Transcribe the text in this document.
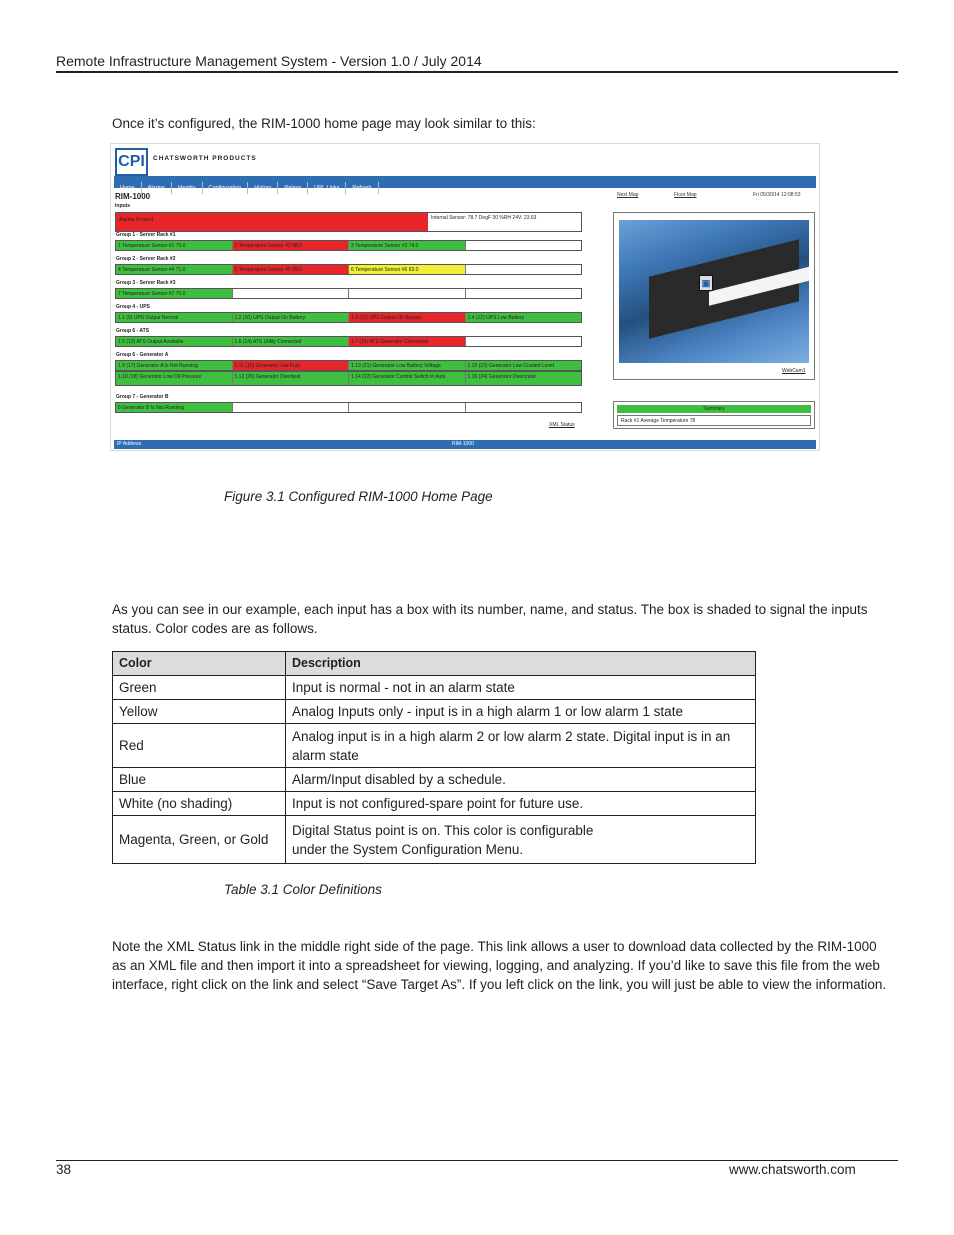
Remote Infrastructure Management System - Version 1.0 / July 2014
Once it’s configured, the RIM-1000 home page may look similar to this:
CPI	CHATSWORTH PRODUCTS
Home Alarms Identity Configuration History Relays URL Links Refresh
RIM-1000
Inputs
Next Map	Floor Map	Fri 05/30/14 12:08:53
Alarms Present	Internal Sensor: 78.7 DegF 30 %RH 24V: 23.63
Group 1 - Server Rack #1
1 Temperature Sensor #1 75.0	2 Temperature Sensor #2 88.0	3 Temperature Sensor #3 74.0
Group 2 - Server Rack #2
4 Temperature Sensor #4 71.0	5 Temperature Sensor #5 89.0	6 Temperature Sensor #6 83.0
Group 3 - Server Rack #3
7 Temperature Sensor #7 70.0
Group 4 - UPS
1.1 (9) UPS Output Normal	1.2 (10) UPS Output On Battery	1.3 (11) UPS Output On Bypass	1.4 (12) UPS Low Battery
Group 6 - ATS
1.5 (13) ATS Output Available	1.6 (14) ATS Utility Connected	1.7 (15) ATS Generator Connected
Group 6 - Generator A
1.9 (17) Generator A Is Not Running	1.11 (19) Generator Low Fuel	1.13 (21) Generator Low Battery Voltage	1.15 (23) Generator Low Coolant Level
1.10 (18) Generator Low Oil Pressure	1.12 (20) Generator Overheat	1.14 (22) Generator Control Switch In Auto	1.16 (24) Generator Overcrank
Group 7 - Generator B
8 Generator B Is Not Running
XML Status
▣
WebCam1
Summary
Rack #1 Average Temperature 78
IP Address	RIM-1000
Figure 3.1 Configured RIM-1000 Home Page
As you can see in our example, each input has a box with its number, name, and status. The box is shaded to signal the inputs status. Color codes are as follows.
Color	Description
Green	Input is normal - not in an alarm state
Yellow	Analog Inputs only - input is in a high alarm 1 or low alarm 1 state
Red	Analog input is in a high alarm 2 or low alarm 2 state. Digital input is in an alarm state
Blue	Alarm/Input disabled by a schedule.
White (no shading)	Input is not configured-spare point for future use.
Magenta, Green, or Gold	Digital Status point is on. This color is configurable
under the System Configuration Menu.
Table 3.1 Color Definitions
Note the XML Status link in the middle right side of the page. This link allows a user to download data collected by the RIM-1000 as an XML file and then import it into a spreadsheet for viewing, logging, and analyzing. If you’d like to save this file from the web interface, right click on the link and select “Save Target As”. If you left click on the link, you will just be able to view the information.
38	www.chatsworth.com
